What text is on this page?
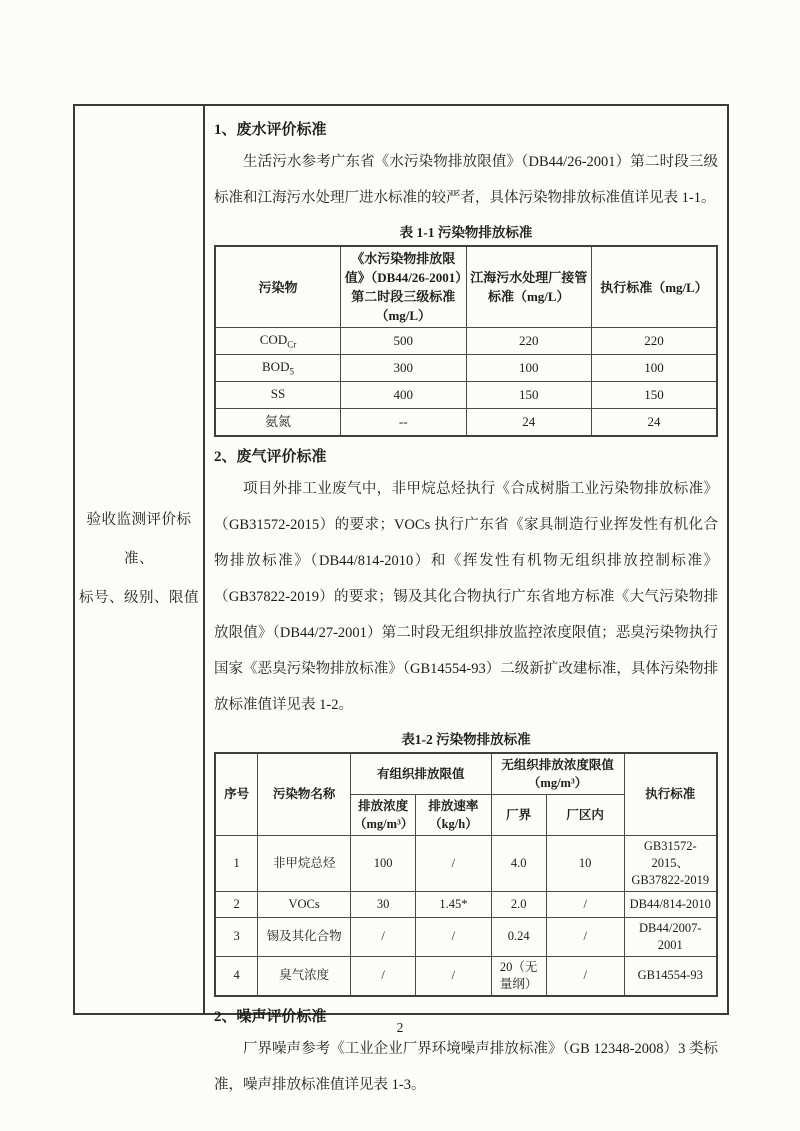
验收监测评价标准、
标号、级别、限值
1、废水评价标准

生活污水参考广东省《水污染物排放限值》（DB44/26-2001）第二时段三级标准和江海污水处理厂进水标准的较严者，具体污染物排放标准值详见表 1-1。

表 1-1 污染物排放标准
污染物	《水污染物排放限值》（DB44/26-2001）第二时段三级标准（mg/L）	江海污水处理厂接管标准（mg/L）	执行标准（mg/L）
$COD_{Cr}$	500	220	220
$BOD_5$	300	100	100
SS	400	150	150
氨氮	--	24	24
2、废气评价标准

项目外排工业废气中，非甲烷总烃执行《合成树脂工业污染物排放标准》（GB31572-2015）的要求；VOCs 执行广东省《家具制造行业挥发性有机化合物排放标准》（DB44/814-2010）和《挥发性有机物无组织排放控制标准》（GB37822-2019）的要求；锡及其化合物执行广东省地方标准《大气污染物排放限值》（DB44/27-2001）第二时段无组织排放监控浓度限值；恶臭污染物执行国家《恶臭污染物排放标准》（GB14554-93）二级新扩改建标准，具体污染物排放标准值详见表 1-2。

表1-2 污染物排放标准
序号	污染物名称	有组织排放限值		无组织排放浓度限值（mg/m³）		执行标准
		排放浓度（mg/m³）	排放速率（kg/h）	厂界	厂区内	
1	非甲烷总烃	100	/	4.0	10	GB31572-2015、GB37822-2019
2	VOCs	30	1.45*	2.0	/	DB44/814-2010
3	锡及其化合物	/	/	0.24	/	DB44/2007-2001
4	臭气浓度	/	/	20（无量纲）	/	GB14554-93
2、噪声评价标准

厂界噪声参考《工业企业厂界环境噪声排放标准》（GB 12348-2008）3 类标准，噪声排放标准值详见表 1-3。

2
